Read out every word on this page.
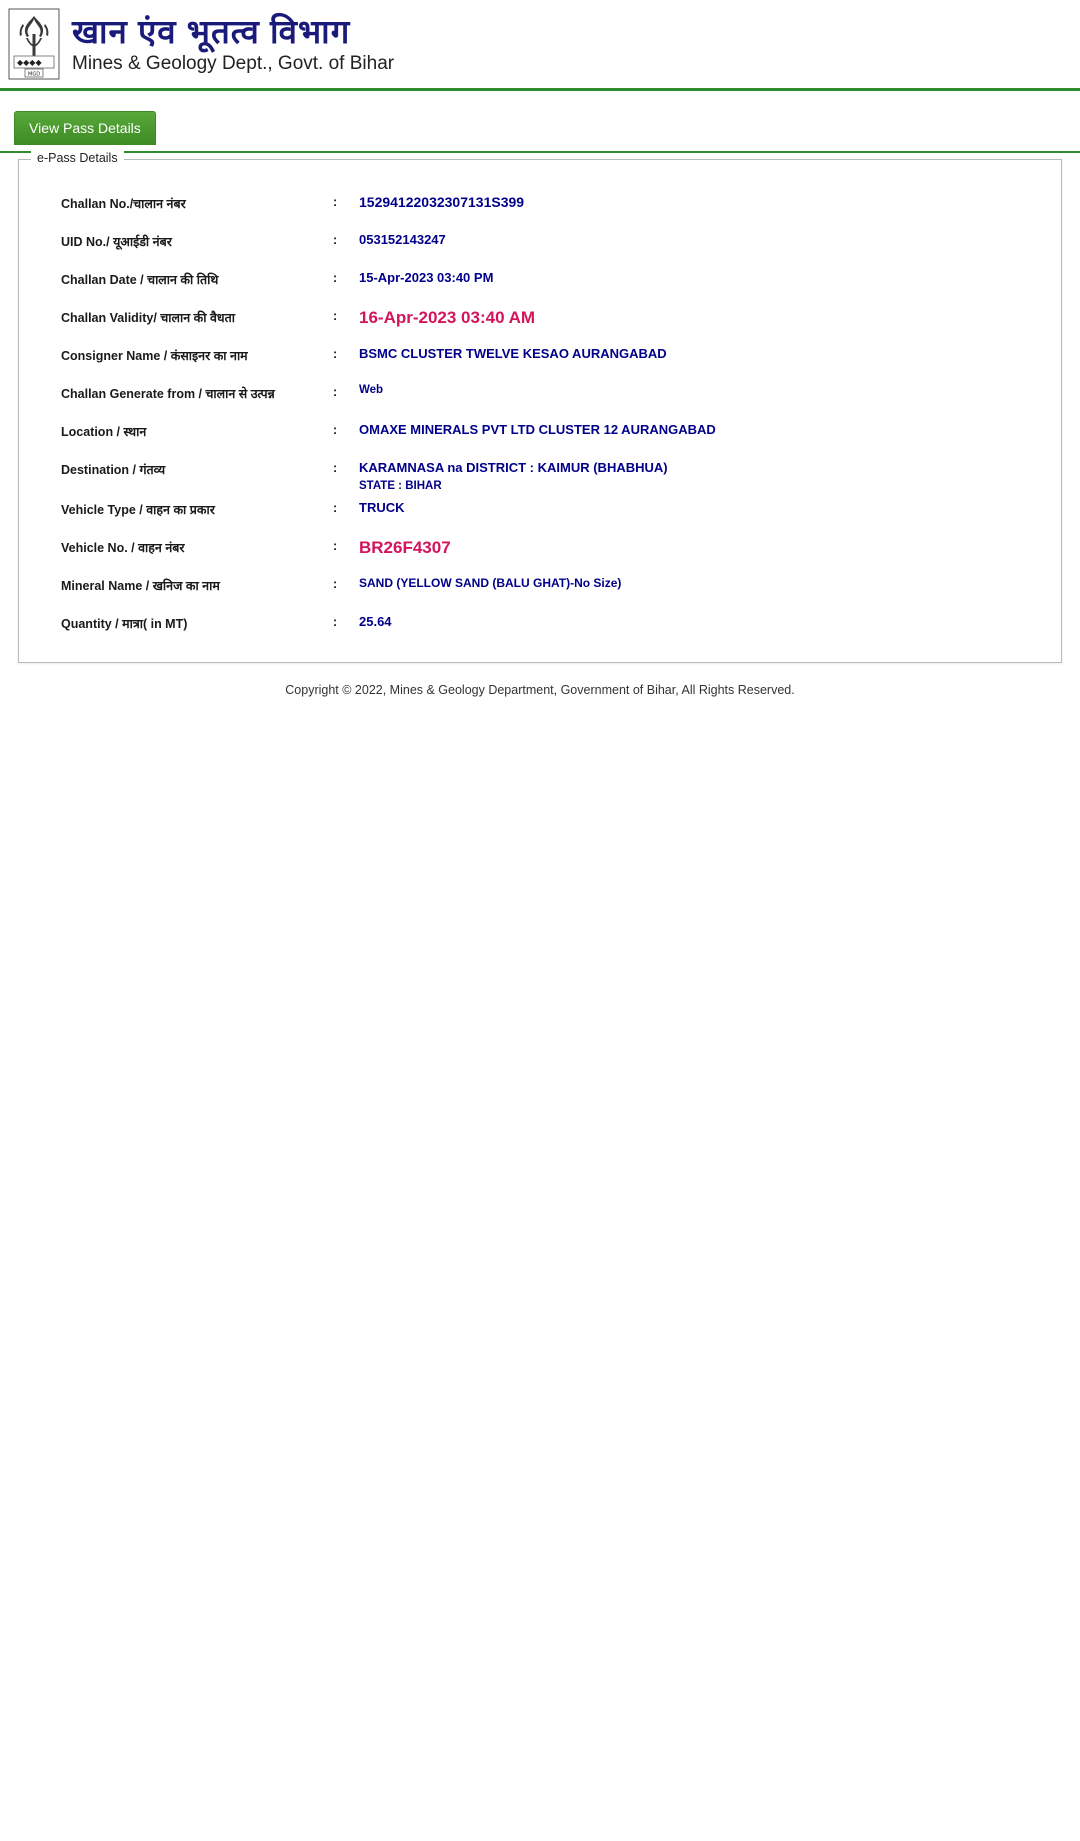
◆◆◆◆
MGD
खान एंव भूतत्व विभाग
Mines & Geology Dept., Govt. of Bihar
View Pass Details
e-Pass Details
Challan No./चालान नंबर	:	15294122032307131S399
UID No./ यूआईडी नंबर	:	053152143247
Challan Date / चालान की तिथि	:	15-Apr-2023 03:40 PM
Challan Validity/ चालान की वैधता	:	16-Apr-2023 03:40 AM
Consigner Name / कंसाइनर का नाम	:	BSMC CLUSTER TWELVE KESAO AURANGABAD
Challan Generate from / चालान से उत्पन्न	:	Web
Location / स्थान	:	OMAXE MINERALS PVT LTD CLUSTER 12 AURANGABAD
Destination / गंतव्य	:	KARAMNASA na DISTRICT : KAIMUR (BHABHUA)
STATE : BIHAR
Vehicle Type / वाहन का प्रकार	:	TRUCK
Vehicle No. / वाहन नंबर	:	BR26F4307
Mineral Name / खनिज का नाम	:	SAND (YELLOW SAND (BALU GHAT)-No Size)
Quantity / मात्रा( in MT)	:	25.64
Copyright © 2022, Mines & Geology Department, Government of Bihar, All Rights Reserved.
